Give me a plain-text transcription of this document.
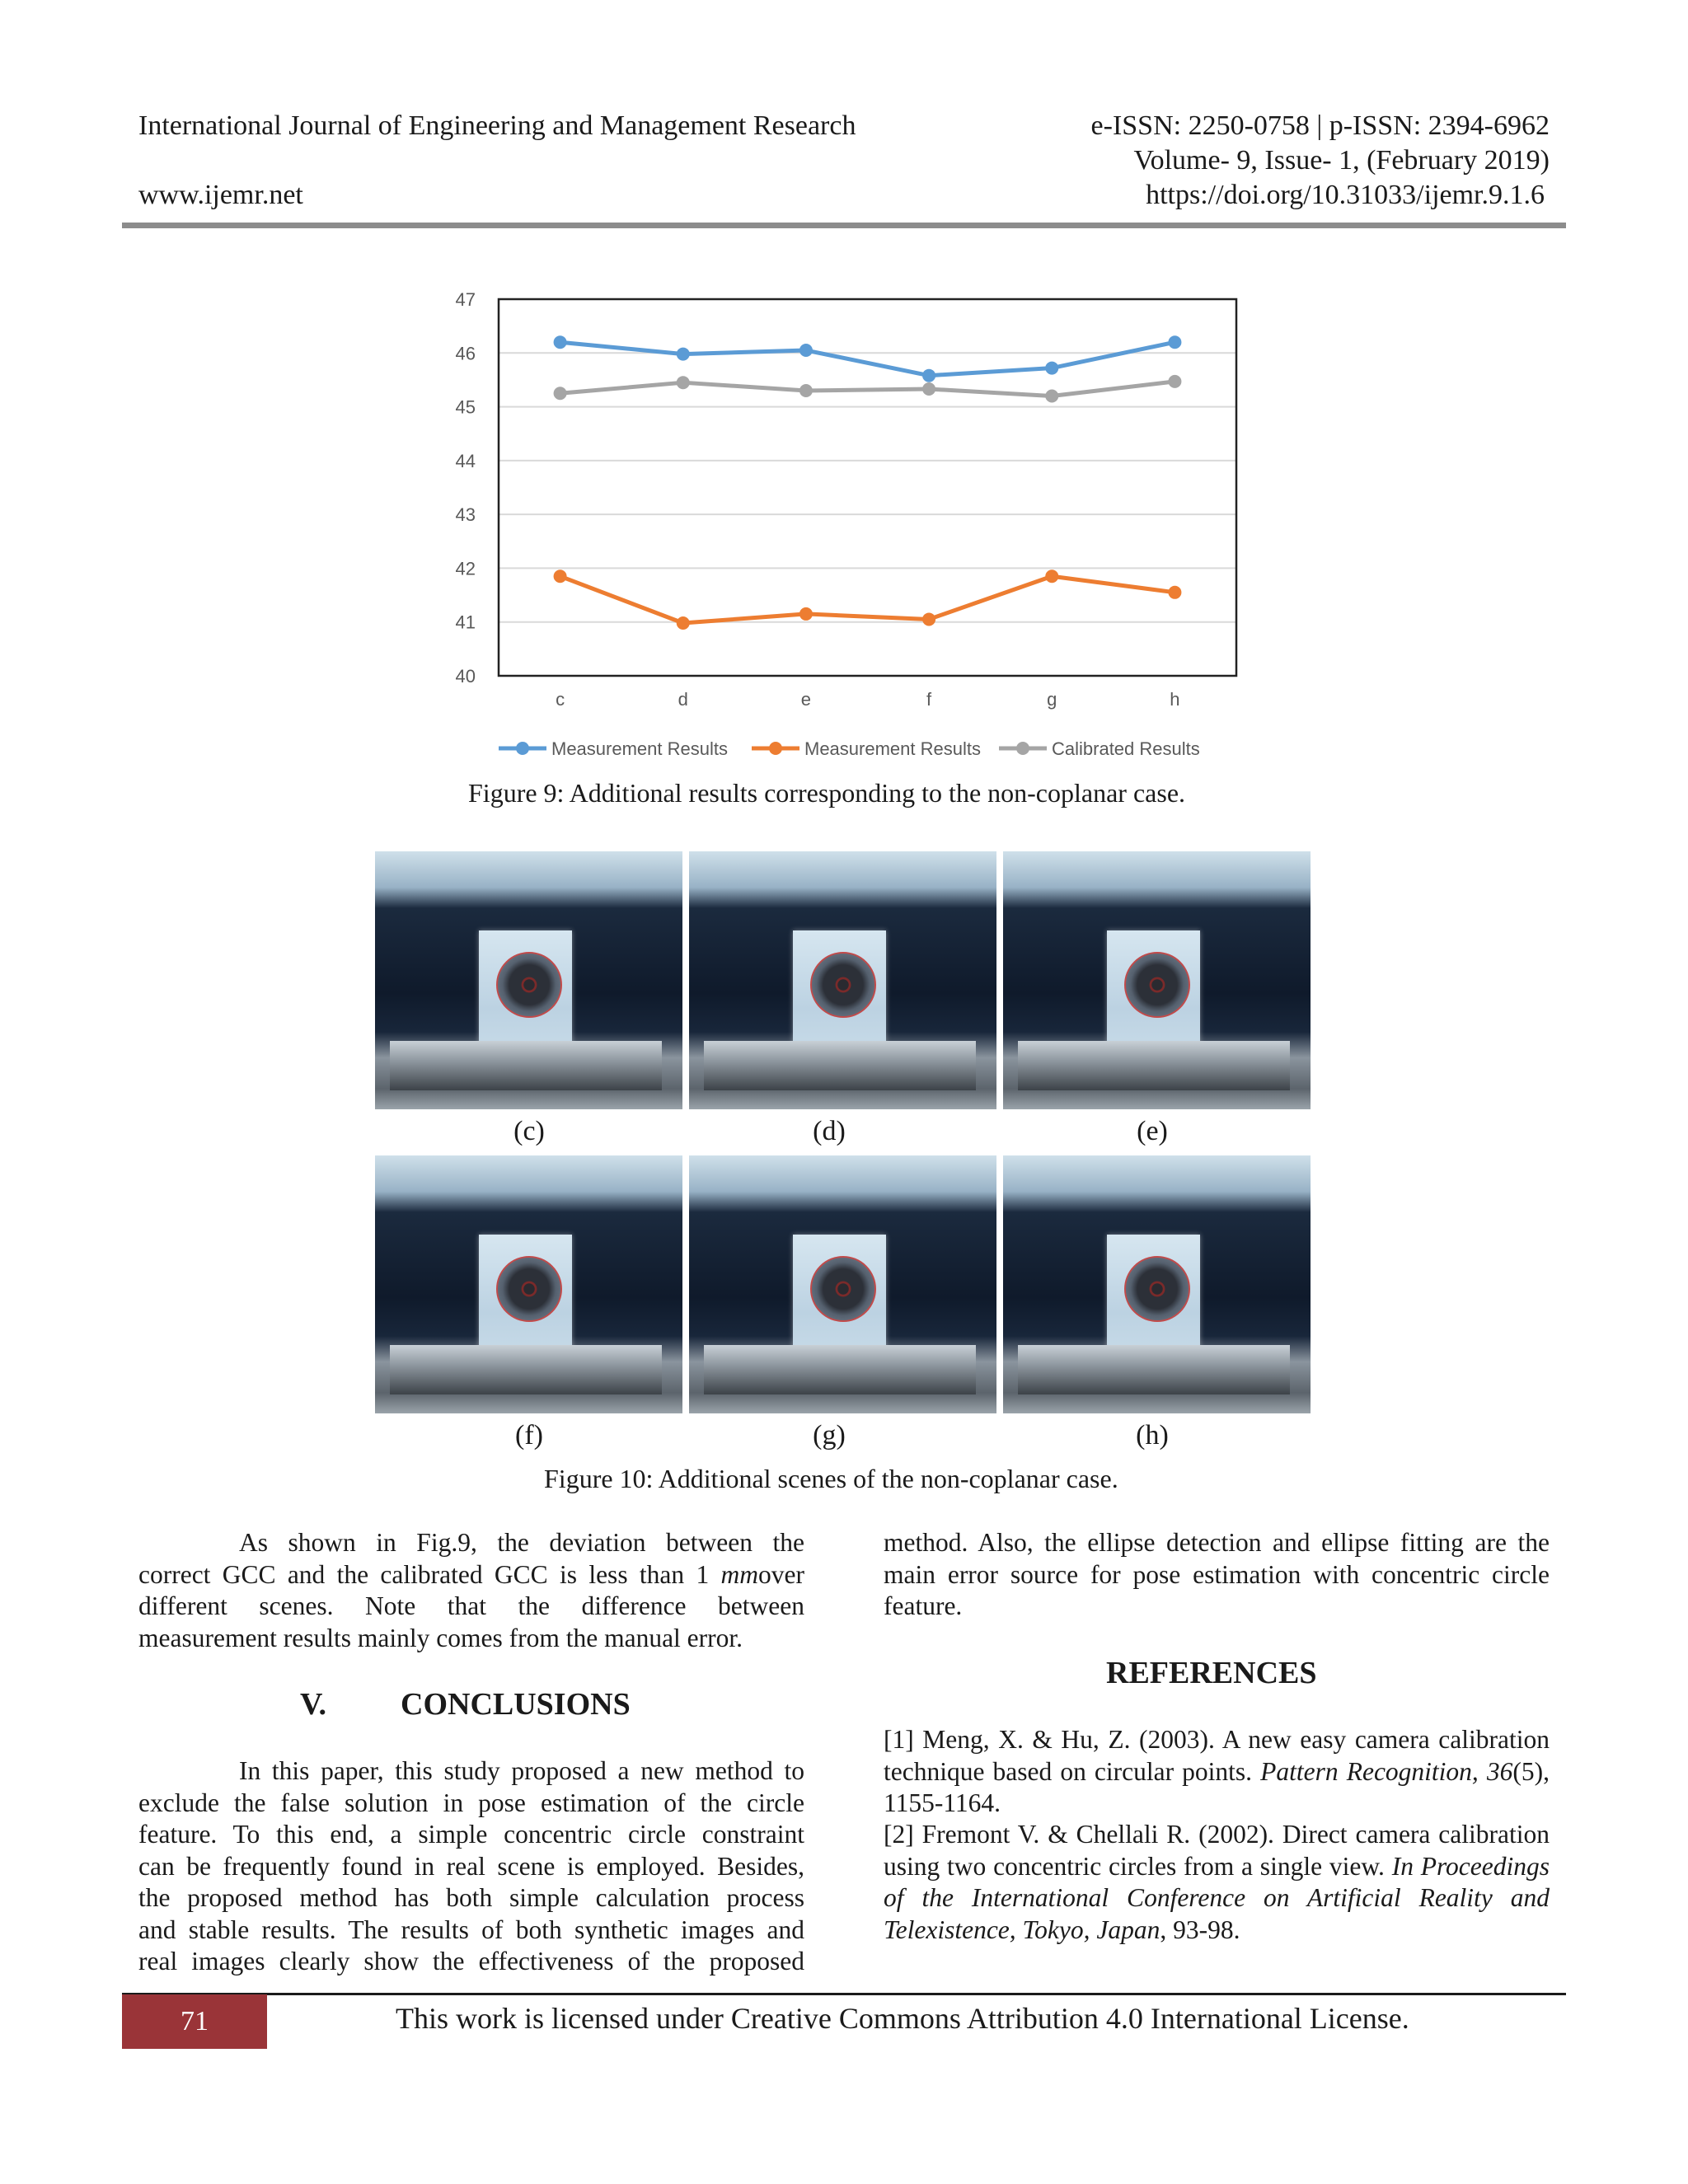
International Journal of Engineering and Management Research	e-ISSN: 2250-0758 | p-ISSN: 2394-6962
Volume- 9, Issue- 1, (February 2019)
www.ijemr.net	https://doi.org/10.31033/ijemr.9.1.6
40
41
42
43
44
45
46
47
c	d	e	f	g	h
Measurement Results	Measurement Results	Calibrated Results
Figure 9: Additional results corresponding to the non-coplanar case.
(c)	(d)	(e)
(f)	(g)	(h)
Figure 10: Additional scenes of the non-coplanar case.
As shown in Fig.9, the deviation between the
correct GCC and the calibrated GCC is less than 1 mmover
different scenes. Note that the difference between
measurement results mainly comes from the manual error.
V. CONCLUSIONS
In this paper, this study proposed a new method to
exclude the false solution in pose estimation of the circle
feature. To this end, a simple concentric circle constraint
can be frequently found in real scene is employed. Besides,
the proposed method has both simple calculation process
and stable results. The results of both synthetic images and
real images clearly show the effectiveness of the proposed
method. Also, the ellipse detection and ellipse fitting are the
main error source for pose estimation with concentric circle
feature.
REFERENCES
[1] Meng, X. & Hu, Z. (2003). A new easy camera calibration technique based on circular points. Pattern Recognition, 36(5), 1155-1164.
[2] Fremont V. & Chellali R. (2002). Direct camera calibration using two concentric circles from a single view. In Proceedings of the International Conference on Artificial Reality and Telexistence, Tokyo, Japan, 93-98.
71	This work is licensed under Creative Commons Attribution 4.0 International License.
